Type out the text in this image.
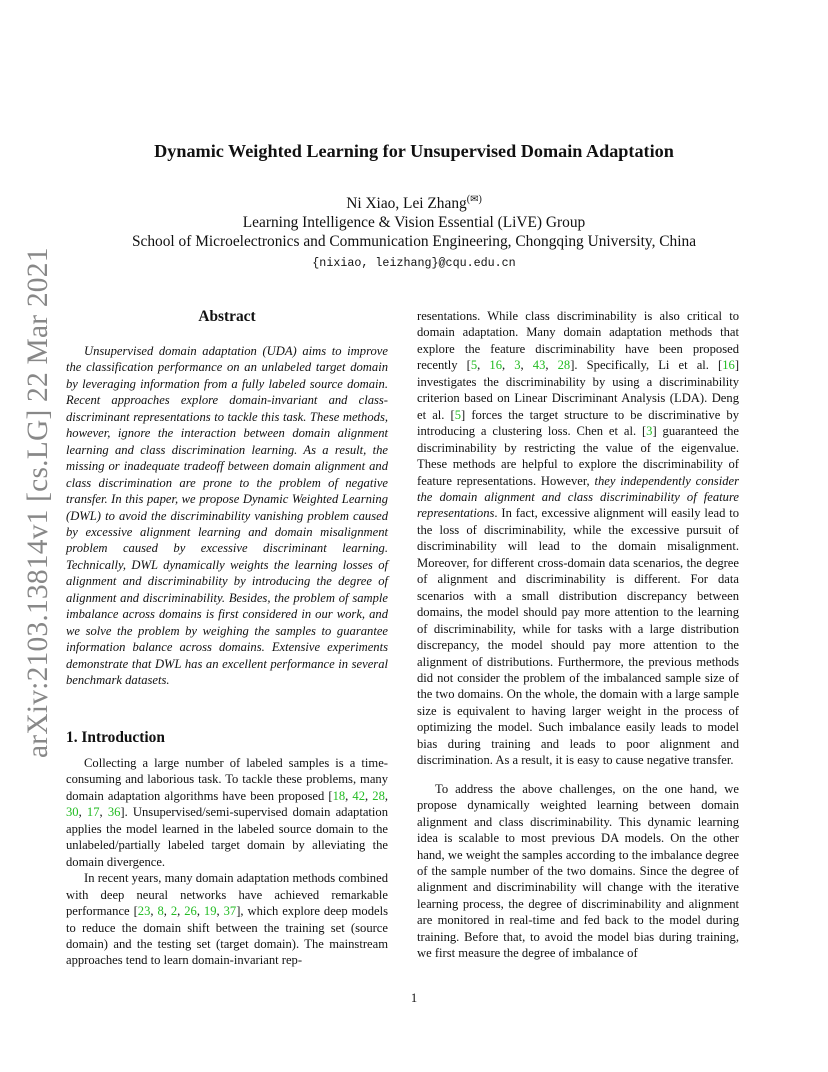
arXiv:2103.13814v1 [cs.LG] 22 Mar 2021
Dynamic Weighted Learning for Unsupervised Domain Adaptation
Ni Xiao, Lei Zhang(✉)
Learning Intelligence & Vision Essential (LiVE) Group
School of Microelectronics and Communication Engineering, Chongqing University, China
{nixiao, leizhang}@cqu.edu.cn
Abstract
Unsupervised domain adaptation (UDA) aims to improve the classification performance on an unlabeled target domain by leveraging information from a fully labeled source domain. Recent approaches explore domain-invariant and class-discriminant representations to tackle this task. These methods, however, ignore the interaction between domain alignment learning and class discrimination learning. As a result, the missing or inadequate tradeoff between domain alignment and class discrimination are prone to the problem of negative transfer. In this paper, we propose Dynamic Weighted Learning (DWL) to avoid the discriminability vanishing problem caused by excessive alignment learning and domain misalignment problem caused by excessive discriminant learning. Technically, DWL dynamically weights the learning losses of alignment and discriminability by introducing the degree of alignment and discriminability. Besides, the problem of sample imbalance across domains is first considered in our work, and we solve the problem by weighing the samples to guarantee information balance across domains. Extensive experiments demonstrate that DWL has an excellent performance in several benchmark datasets.
1. Introduction

Collecting a large number of labeled samples is a time-consuming and laborious task. To tackle these problems, many domain adaptation algorithms have been proposed [18, 42, 28, 30, 17, 36]. Unsupervised/semi-supervised domain adaptation applies the model learned in the labeled source domain to the unlabeled/partially labeled target domain by alleviating the domain divergence.

In recent years, many domain adaptation methods combined with deep neural networks have achieved remarkable performance [23, 8, 2, 26, 19, 37], which explore deep models to reduce the domain shift between the training set (source domain) and the testing set (target domain). The mainstream approaches tend to learn domain-invariant rep-

resentations. While class discriminability is also critical to domain adaptation. Many domain adaptation methods that explore the feature discriminability have been proposed recently [5, 16, 3, 43, 28]. Specifically, Li et al. [16] investigates the discriminability by using a discriminability criterion based on Linear Discriminant Analysis (LDA). Deng et al. [5] forces the target structure to be discriminative by introducing a clustering loss. Chen et al. [3] guaranteed the discriminability by restricting the value of the eigenvalue. These methods are helpful to explore the discriminability of feature representations. However, they independently consider the domain alignment and class discriminability of feature representations. In fact, excessive alignment will easily lead to the loss of discriminability, while the excessive pursuit of discriminability will lead to the domain misalignment. Moreover, for different cross-domain data scenarios, the degree of alignment and discriminability is different. For data scenarios with a small distribution discrepancy between domains, the model should pay more attention to the learning of discriminability, while for tasks with a large distribution discrepancy, the model should pay more attention to the alignment of distributions. Furthermore, the previous methods did not consider the problem of the imbalanced sample size of the two domains. On the whole, the domain with a large sample size is equivalent to having larger weight in the process of optimizing the model. Such imbalance easily leads to model bias during training and leads to poor alignment and discrimination. As a result, it is easy to cause negative transfer.

To address the above challenges, on the one hand, we propose dynamically weighted learning between domain alignment and class discriminability. This dynamic learning idea is scalable to most previous DA models. On the other hand, we weight the samples according to the imbalance degree of the sample number of the two domains. Since the degree of alignment and discriminability will change with the iterative learning process, the degree of discriminability and alignment are monitored in real-time and fed back to the model during training. Before that, to avoid the model bias during training, we first measure the degree of imbalance of

1
